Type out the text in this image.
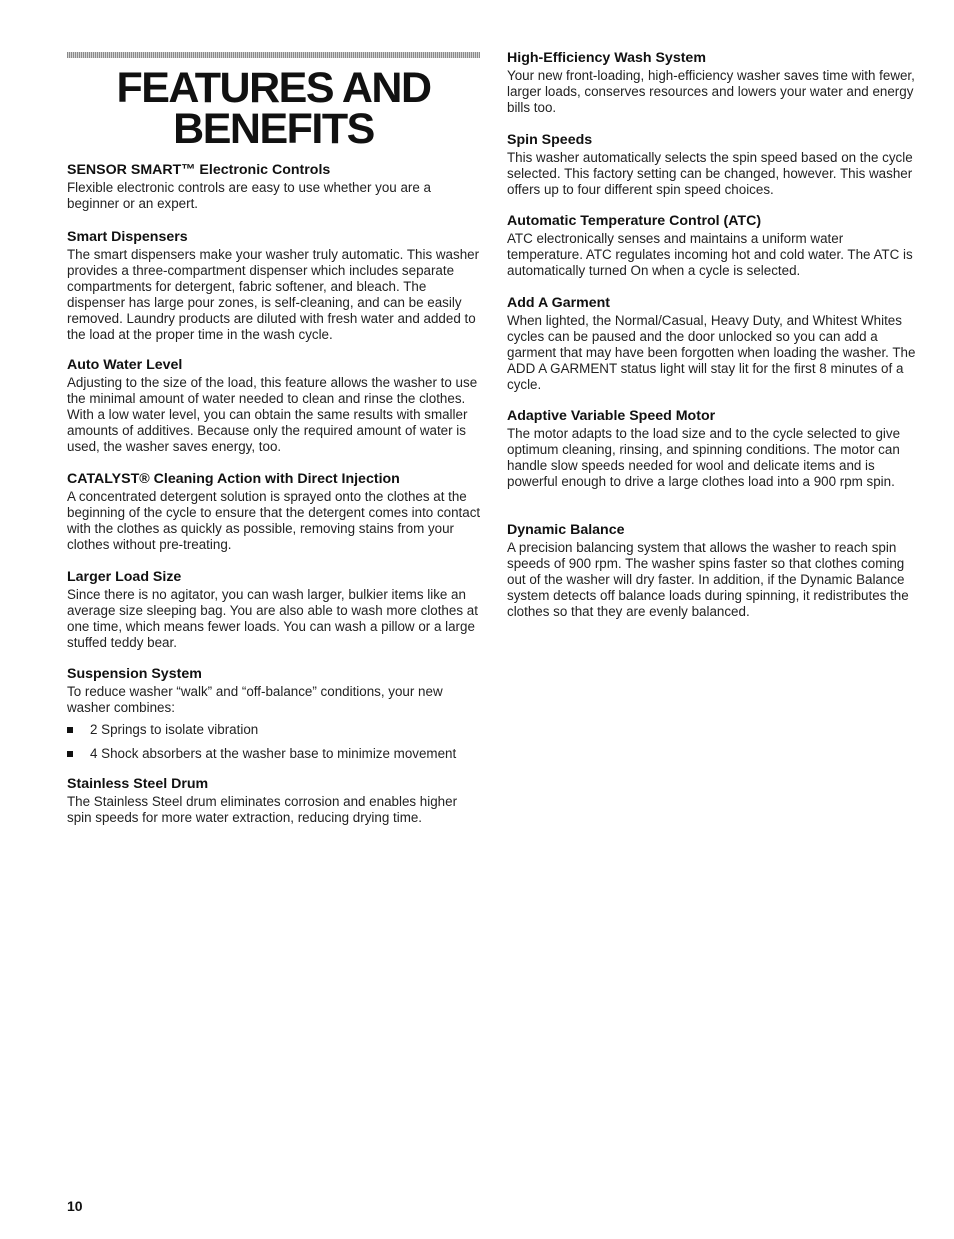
FEATURES AND
BENEFITS
SENSOR SMART™ Electronic Controls

Flexible electronic controls are easy to use whether you are a beginner or an expert.

Smart Dispensers

The smart dispensers make your washer truly automatic. This washer provides a three-compartment dispenser which includes separate compartments for detergent, fabric softener, and bleach. The dispenser has large pour zones, is self-cleaning, and can be easily removed. Laundry products are diluted with fresh water and added to the load at the proper time in the wash cycle.

Auto Water Level

Adjusting to the size of the load, this feature allows the washer to use the minimal amount of water needed to clean and rinse the clothes. With a low water level, you can obtain the same results with smaller amounts of additives. Because only the required amount of water is used, the washer saves energy, too.

CATALYST® Cleaning Action with Direct Injection

A concentrated detergent solution is sprayed onto the clothes at the beginning of the cycle to ensure that the detergent comes into contact with the clothes as quickly as possible, removing stains from your clothes without pre-treating.

Larger Load Size

Since there is no agitator, you can wash larger, bulkier items like an average size sleeping bag. You are also able to wash more clothes at one time, which means fewer loads. You can wash a pillow or a large stuffed teddy bear.

Suspension System

To reduce washer “walk” and “off-balance” conditions, your new washer combines:

2 Springs to isolate vibration
4 Shock absorbers at the washer base to minimize movement
Stainless Steel Drum

The Stainless Steel drum eliminates corrosion and enables higher spin speeds for more water extraction, reducing drying time.

High-Efficiency Wash System

Your new front-loading, high-efficiency washer saves time with fewer, larger loads, conserves resources and lowers your water and energy bills too.

Spin Speeds

This washer automatically selects the spin speed based on the cycle selected. This factory setting can be changed, however. This washer offers up to four different spin speed choices.

Automatic Temperature Control (ATC)

ATC electronically senses and maintains a uniform water temperature. ATC regulates incoming hot and cold water. The ATC is automatically turned On when a cycle is selected.

Add A Garment

When lighted, the Normal/Casual, Heavy Duty, and Whitest Whites cycles can be paused and the door unlocked so you can add a garment that may have been forgotten when loading the washer. The ADD A GARMENT status light will stay lit for the first 8 minutes of a cycle.

Adaptive Variable Speed Motor

The motor adapts to the load size and to the cycle selected to give optimum cleaning, rinsing, and spinning conditions. The motor can handle slow speeds needed for wool and delicate items and is powerful enough to drive a large clothes load into a 900 rpm spin.

Dynamic Balance

A precision balancing system that allows the washer to reach spin speeds of 900 rpm. The washer spins faster so that clothes coming out of the washer will dry faster. In addition, if the Dynamic Balance system detects off balance loads during spinning, it redistributes the clothes so that they are evenly balanced.

10
